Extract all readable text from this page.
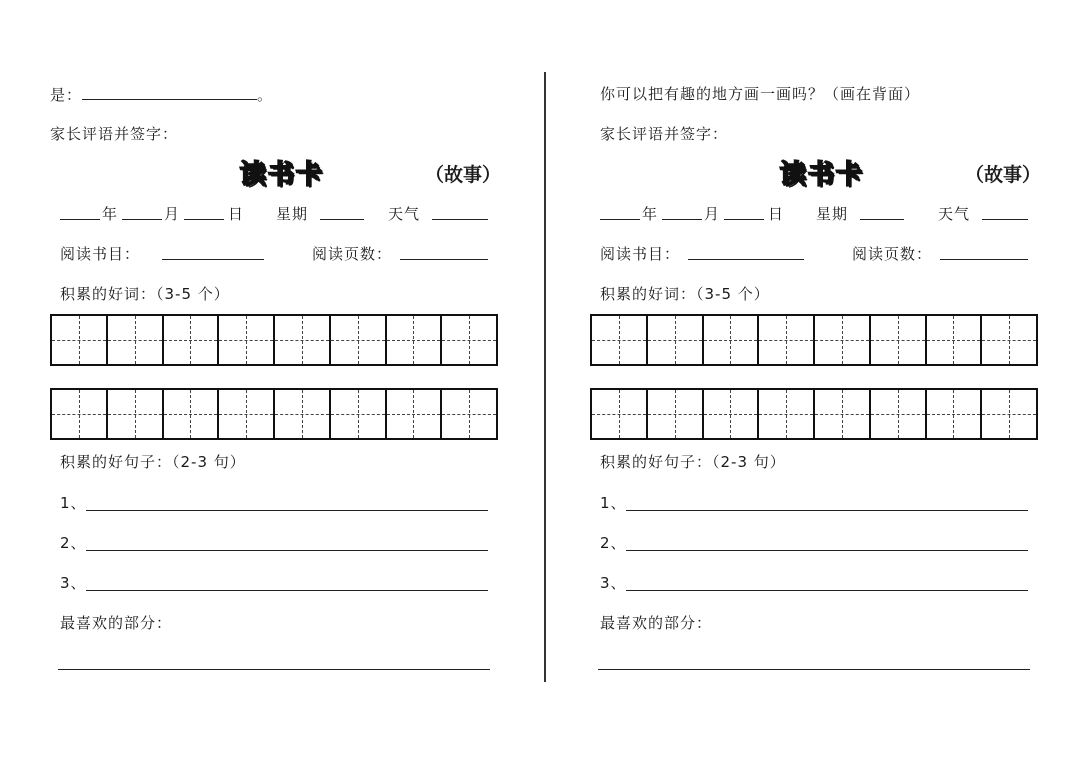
是：	。
家长评语并签字：
读书卡	（故事）
年	月	日 星期	天气
阅读书目：	阅读页数：
积累的好词：（3-5 个）
积累的好句子：（2-3 句）
1、
2、
3、
最喜欢的部分：
你可以把有趣的地方画一画吗？（画在背面）
家长评语并签字：
读书卡	（故事）
年	月	日 星期	天气
阅读书目：	阅读页数：
积累的好词：（3-5 个）
积累的好句子：（2-3 句）
1、
2、
3、
最喜欢的部分：
